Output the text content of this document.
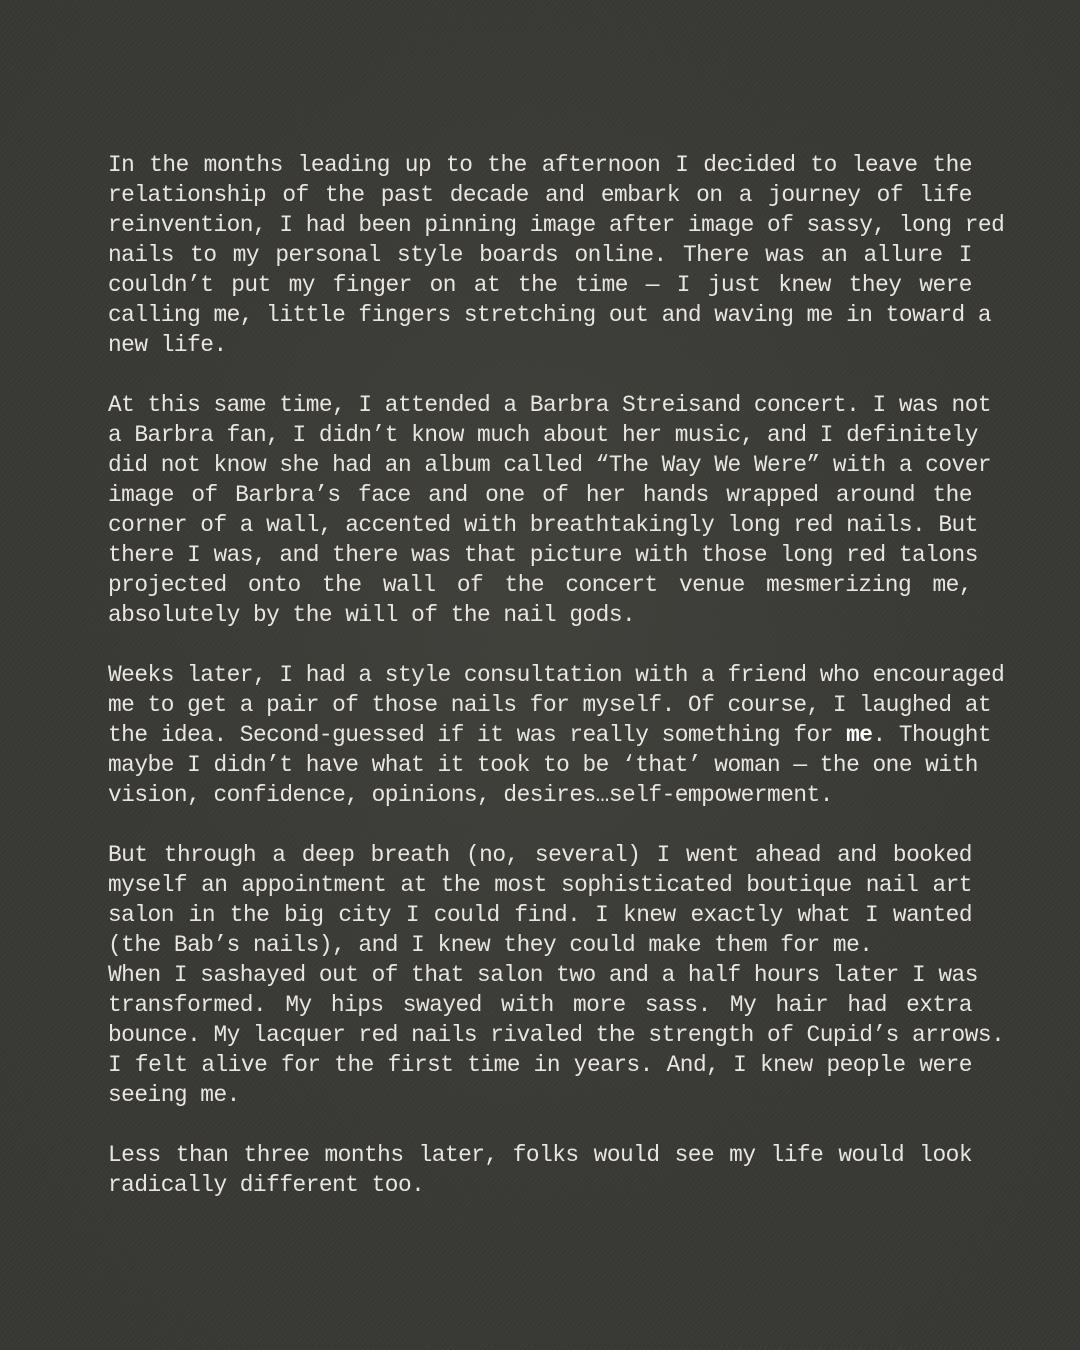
In the months leading up to the afternoon I decided to leave the
relationship of the past decade and embark on a journey of life
reinvention, I had been pinning image after image of sassy, long red
nails to my personal style boards online. There was an allure I
couldn’t put my finger on at the time — I just knew they were
calling me, little fingers stretching out and waving me in toward a
new life.

At this same time, I attended a Barbra Streisand concert. I was not
a Barbra fan, I didn’t know much about her music, and I definitely
did not know she had an album called “The Way We Were” with a cover
image of Barbra’s face and one of her hands wrapped around the
corner of a wall, accented with breathtakingly long red nails. But
there I was, and there was that picture with those long red talons
projected onto the wall of the concert venue mesmerizing me,
absolutely by the will of the nail gods.

Weeks later, I had a style consultation with a friend who encouraged
me to get a pair of those nails for myself. Of course, I laughed at
the idea. Second-guessed if it was really something for me. Thought
maybe I didn’t have what it took to be ‘that’ woman — the one with
vision, confidence, opinions, desires…self-empowerment.

But through a deep breath (no, several) I went ahead and booked
myself an appointment at the most sophisticated boutique nail art
salon in the big city I could find. I knew exactly what I wanted
(the Bab’s nails), and I knew they could make them for me.

When I sashayed out of that salon two and a half hours later I was
transformed. My hips swayed with more sass. My hair had extra
bounce. My lacquer red nails rivaled the strength of Cupid’s arrows.
I felt alive for the first time in years. And, I knew people were
seeing me.

Less than three months later, folks would see my life would look
radically different too.
